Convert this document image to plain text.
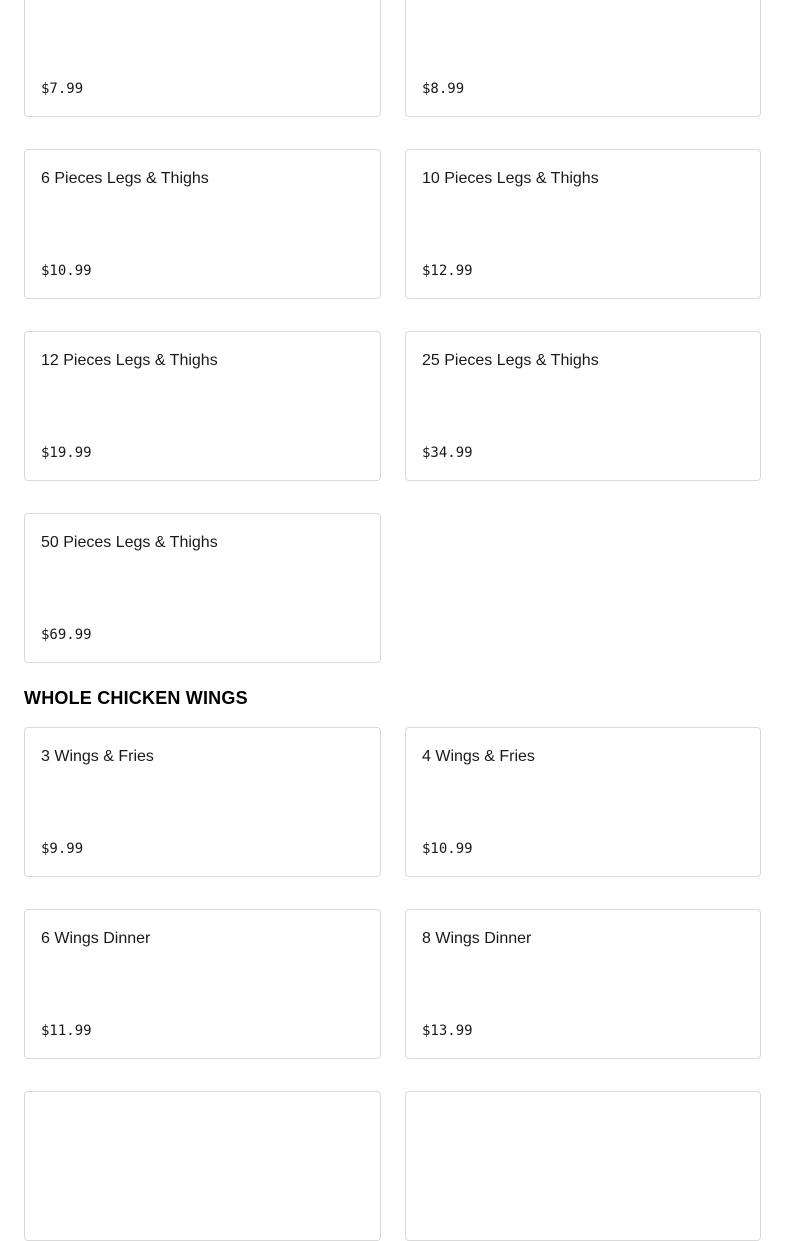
$7.99	$8.99
6 Pieces Legs & Thighs
$10.99
10 Pieces Legs & Thighs
$12.99
12 Pieces Legs & Thighs
$19.99
25 Pieces Legs & Thighs
$34.99
50 Pieces Legs & Thighs
$69.99
WHOLE CHICKEN WINGS
3 Wings & Fries
$9.99
4 Wings & Fries
$10.99
6 Wings Dinner
$11.99
8 Wings Dinner
$13.99
